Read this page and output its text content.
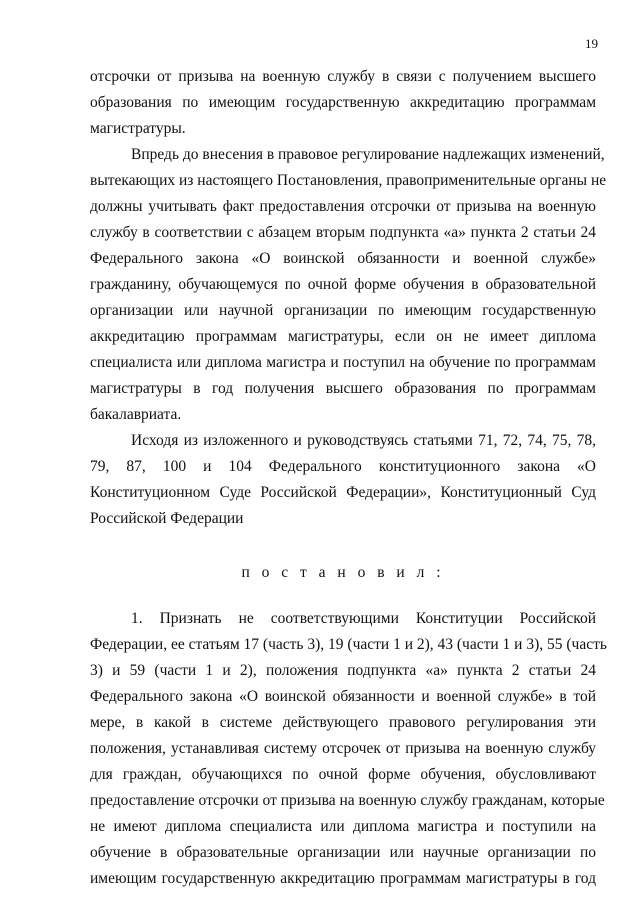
19

отсрочки от призыва на военную службу в связи с получением высшего
образования по имеющим государственную аккредитацию программам
магистратуры.

Впредь до внесения в правовое регулирование надлежащих изменений,
вытекающих из настоящего Постановления, правоприменительные органы не
должны учитывать факт предоставления отсрочки от призыва на военную
службу в соответствии с абзацем вторым подпункта «а» пункта 2 статьи 24
Федерального закона «О воинской обязанности и военной службе»
гражданину, обучающемуся по очной форме обучения в образовательной
организации или научной организации по имеющим государственную
аккредитацию программам магистратуры, если он не имеет диплома
специалиста или диплома магистра и поступил на обучение по программам
магистратуры в год получения высшего образования по программам
бакалавриата.

Исходя из изложенного и руководствуясь статьями 71, 72, 74, 75, 78,
79, 87, 100 и 104 Федерального конституционного закона «О
Конституционном Суде Российской Федерации», Конституционный Суд
Российской Федерации

п о с т а н о в и л :

1. Признать не соответствующими Конституции Российской
Федерации, ее статьям 17 (часть 3), 19 (части 1 и 2), 43 (части 1 и 3), 55 (часть
3) и 59 (части 1 и 2), положения подпункта «а» пункта 2 статьи 24
Федерального закона «О воинской обязанности и военной службе» в той
мере, в какой в системе действующего правового регулирования эти
положения, устанавливая систему отсрочек от призыва на военную службу
для граждан, обучающихся по очной форме обучения, обусловливают
предоставление отсрочки от призыва на военную службу гражданам, которые
не имеют диплома специалиста или диплома магистра и поступили на
обучение в образовательные организации или научные организации по
имеющим государственную аккредитацию программам магистратуры в год
